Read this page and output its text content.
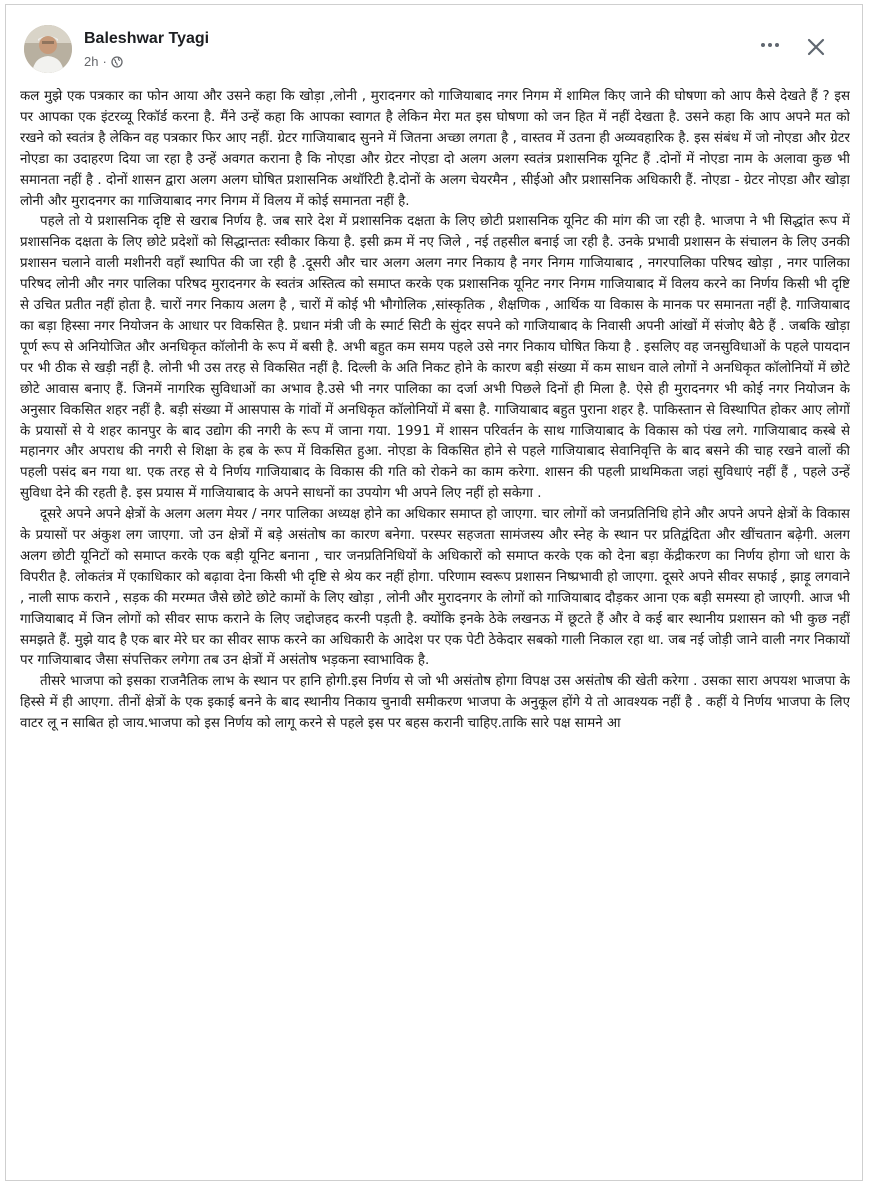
Baleshwar Tyagi
2h ·

कल मुझे एक पत्रकार का फोन आया और उसने कहा कि खोड़ा ,लोनी , मुरादनगर को गाजियाबाद नगर निगम में शामिल किए जाने की घोषणा को आप कैसे देखते हैं ? इस पर आपका एक इंटरव्यू रिकॉर्ड करना है. मैंने उन्हें कहा कि आपका स्वागत है लेकिन मेरा मत इस घोषणा को जन हित में नहीं देखता है. उसने कहा कि आप अपने मत को रखने को स्वतंत्र है लेकिन वह पत्रकार फिर आए नहीं. ग्रेटर गाजियाबाद सुनने में जितना अच्छा लगता है , वास्तव में उतना ही अव्यवहारिक है. इस संबंध में जो नोएडा और ग्रेटर नोएडा का उदाहरण दिया जा रहा है उन्हें अवगत कराना है कि नोएडा और ग्रेटर नोएडा दो अलग अलग स्वतंत्र प्रशासनिक यूनिट हैं .दोनों में नोएडा नाम के अलावा कुछ भी समानता नहीं है . दोनों शासन द्वारा अलग अलग घोषित प्रशासनिक अथॉरिटी है.दोनों के अलग चेयरमैन , सीईओ और प्रशासनिक अधिकारी हैं. नोएडा - ग्रेटर नोएडा और खोड़ा लोनी और मुरादनगर का गाजियाबाद नगर निगम में विलय में कोई समानता नहीं है.

पहले तो ये प्रशासनिक दृष्टि से खराब निर्णय है. जब सारे देश में प्रशासनिक दक्षता के लिए छोटी प्रशासनिक यूनिट की मांग की जा रही है. भाजपा ने भी सिद्धांत रूप में प्रशासनिक दक्षता के लिए छोटे प्रदेशों को सिद्धान्ततः स्वीकार किया है. इसी क्रम में नए जिले , नई तहसील बनाई जा रही है. उनके प्रभावी प्रशासन के संचालन के लिए उनकी प्रशासन चलाने वाली मशीनरी वहाँ स्थापित की जा रही है .दूसरी और चार अलग अलग नगर निकाय है नगर निगम गाजियाबाद , नगरपालिका परिषद खोड़ा , नगर पालिका परिषद लोनी और नगर पालिका परिषद मुरादनगर के स्वतंत्र अस्तित्व को समाप्त करके एक प्रशासनिक यूनिट नगर निगम गाजियाबाद में विलय करने का निर्णय किसी भी दृष्टि से उचित प्रतीत नहीं होता है. चारों नगर निकाय अलग है , चारों में कोई भी भौगोलिक ,सांस्कृतिक , शैक्षणिक , आर्थिक या विकास के मानक पर समानता नहीं है. गाजियाबाद का बड़ा हिस्सा नगर नियोजन के आधार पर विकसित है. प्रधान मंत्री जी के स्मार्ट सिटी के सुंदर सपने को गाजियाबाद के निवासी अपनी आंखों में संजोए बैठे हैं . जबकि खोड़ा पूर्ण रूप से अनियोजित और अनधिकृत कॉलोनी के रूप में बसी है. अभी बहुत कम समय पहले उसे नगर निकाय घोषित किया है . इसलिए वह जनसुविधाओं के पहले पायदान पर भी ठीक से खड़ी नहीं है. लोनी भी उस तरह से विकसित नहीं है. दिल्ली के अति निकट होने के कारण बड़ी संख्या में कम साधन वाले लोगों ने अनधिकृत कॉलोनियों में छोटे छोटे आवास बनाए हैं. जिनमें नागरिक सुविधाओं का अभाव है.उसे भी नगर पालिका का दर्जा अभी पिछले दिनों ही मिला है. ऐसे ही मुरादनगर भी कोई नगर नियोजन के अनुसार विकसित शहर नहीं है. बड़ी संख्या में आसपास के गांवों में अनधिकृत कॉलोनियों में बसा है. गाजियाबाद बहुत पुराना शहर है. पाकिस्तान से विस्थापित होकर आए लोगों के प्रयासों से ये शहर कानपुर के बाद उद्योग की नगरी के रूप में जाना गया. 1991 में शासन परिवर्तन के साथ गाजियाबाद के विकास को पंख लगे. गाजियाबाद कस्बे से महानगर और अपराध की नगरी से शिक्षा के हब के रूप में विकसित हुआ. नोएडा के विकसित होने से पहले गाजियाबाद सेवानिवृत्ति के बाद बसने की चाह रखने वालों की पहली पसंद बन गया था. एक तरह से ये निर्णय गाजियाबाद के विकास की गति को रोकने का काम करेगा. शासन की पहली प्राथमिकता जहां सुविधाएं नहीं हैं , पहले उन्हें सुविधा देने की रहती है. इस प्रयास में गाजियाबाद के अपने साधनों का उपयोग भी अपने लिए नहीं हो सकेगा .

दूसरे अपने अपने क्षेत्रों के अलग अलग मेयर / नगर पालिका अध्यक्ष होने का अधिकार समाप्त हो जाएगा. चार लोगों को जनप्रतिनिधि होने और अपने अपने क्षेत्रों के विकास के प्रयासों पर अंकुश लग जाएगा. जो उन क्षेत्रों में बड़े असंतोष का कारण बनेगा. परस्पर सहजता सामंजस्य और स्नेह के स्थान पर प्रतिद्वंदिता और खींचतान बढ़ेगी. अलग अलग छोटी यूनिटों को समाप्त करके एक बड़ी यूनिट बनाना , चार जनप्रतिनिधियों के अधिकारों को समाप्त करके एक को देना बड़ा केंद्रीकरण का निर्णय होगा जो धारा के विपरीत है. लोकतंत्र में एकाधिकार को बढ़ावा देना किसी भी दृष्टि से श्रेय कर नहीं होगा. परिणाम स्वरूप प्रशासन निष्प्रभावी हो जाएगा. दूसरे अपने सीवर सफाई , झाड़ू लगवाने , नाली साफ कराने , सड़क की मरम्मत जैसे छोटे छोटे कामों के लिए खोड़ा , लोनी और मुरादनगर के लोगों को गाजियाबाद दौड़कर आना एक बड़ी समस्या हो जाएगी. आज भी गाजियाबाद में जिन लोगों को सीवर साफ कराने के लिए जद्दोजहद करनी पड़ती है. क्योंकि इनके ठेके लखनऊ में छूटते हैं और वे कई बार स्थानीय प्रशासन को भी कुछ नहीं समझते हैं. मुझे याद है एक बार मेरे घर का सीवर साफ करने का अधिकारी के आदेश पर एक पेटी ठेकेदार सबको गाली निकाल रहा था. जब नई जोड़ी जाने वाली नगर निकायों पर गाजियाबाद जैसा संपत्तिकर लगेगा तब उन क्षेत्रों में असंतोष भड़कना स्वाभाविक है.

तीसरे भाजपा को इसका राजनैतिक लाभ के स्थान पर हानि होगी.इस निर्णय से जो भी असंतोष होगा विपक्ष उस असंतोष की खेती करेगा . उसका सारा अपयश भाजपा के हिस्से में ही आएगा. तीनों क्षेत्रों के एक इकाई बनने के बाद स्थानीय निकाय चुनावी समीकरण भाजपा के अनुकूल होंगे ये तो आवश्यक नहीं है . कहीं ये निर्णय भाजपा के लिए वाटर लू न साबित हो जाय.भाजपा को इस निर्णय को लागू करने से पहले इस पर बहस करानी चाहिए.ताकि सारे पक्ष सामने आ
